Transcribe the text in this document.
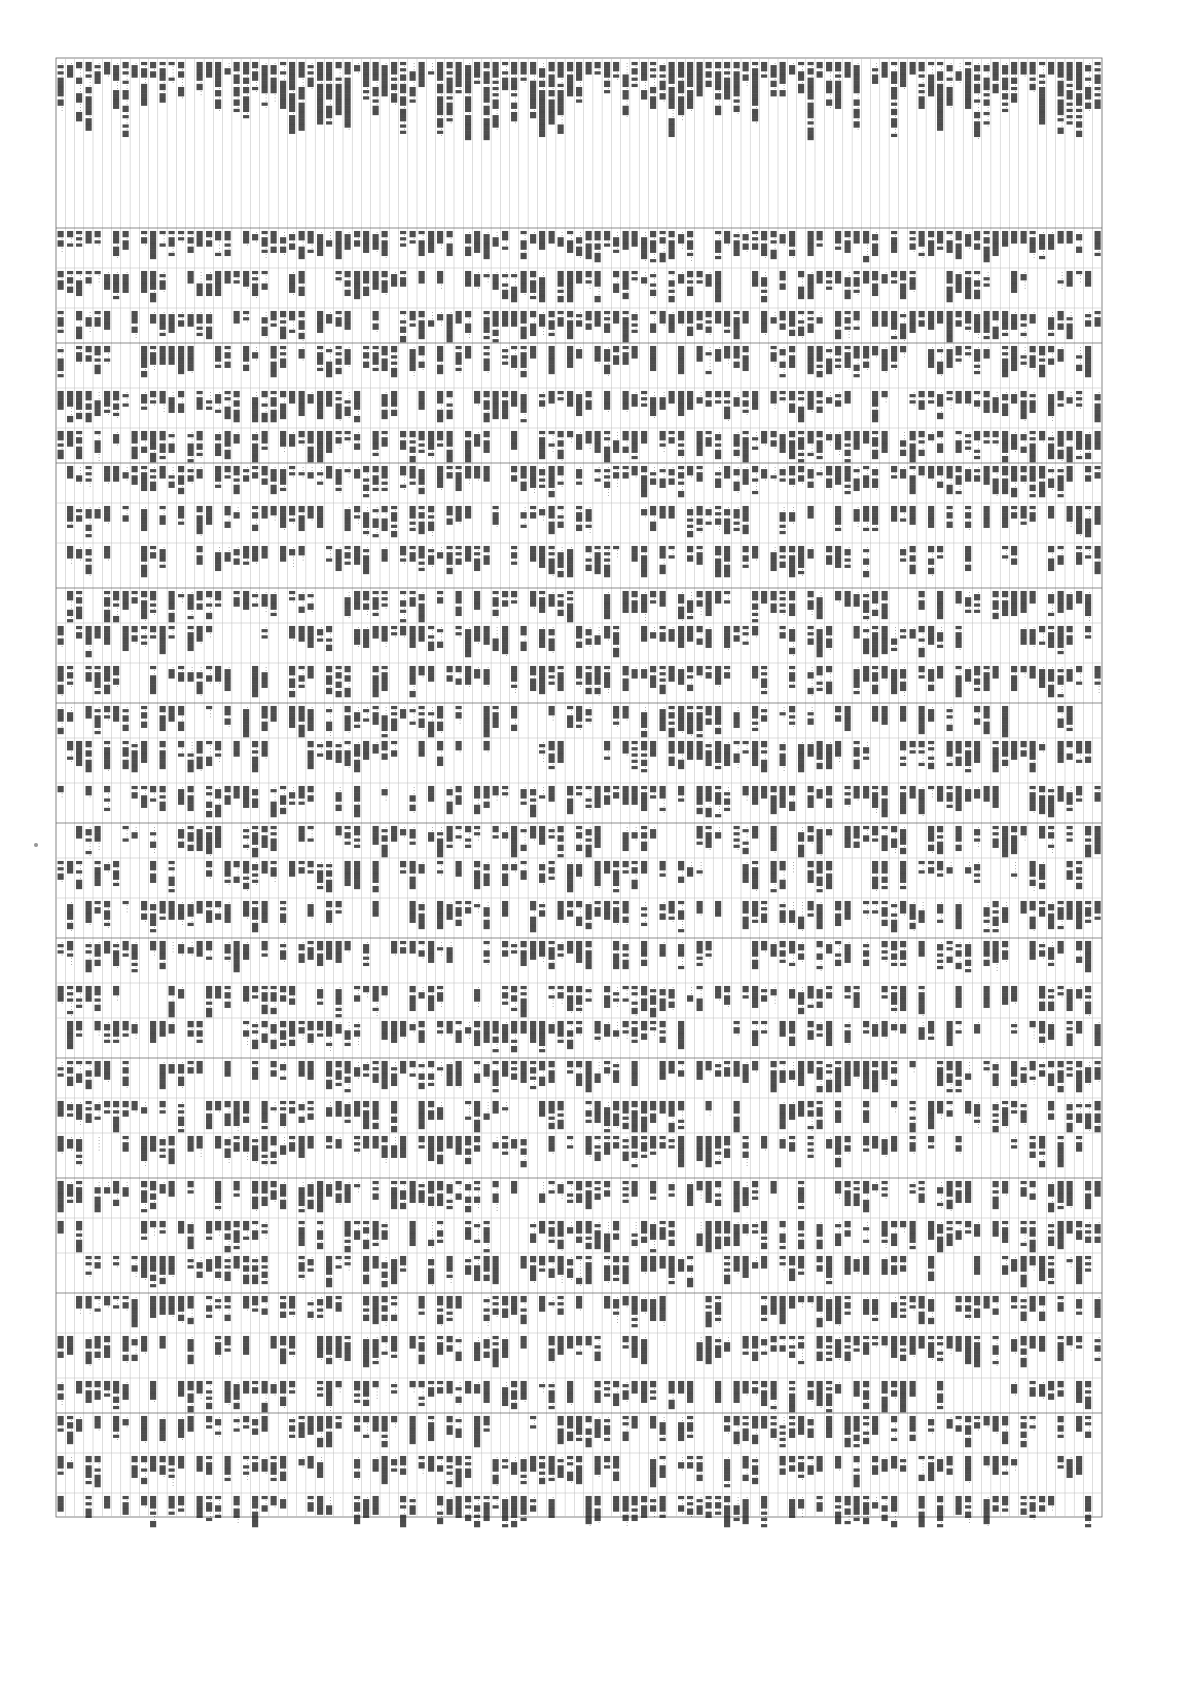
..██.██████.█.█.
..██.██
███.██
█.███.█
█.████..█.
██████
███.█.███
.██.███
.███.█████
██..████.
..██
.██.█.█
.█.█.
.█████
█.█..
.█████
.█████
██████████
████
██.████
..██.██.
█.███
█.████
█████
████.
█..██
██.██.█
██...█████
█████
████
█.█████
..████
█.██...███
.█.██.█
███..
.█..███
████
.██.█████.
...█.███
.█...█.█.█
█████████
███.██.█
█.██.
.███.
█.████.
██████
████.██.█
██..
███...███...██...██
█.█.█
█████..█
████..███
.███.█
██.██████
████.██.█
.██...
██.█.
.███.
████.██.█
██.█
████████
████
███..█..█
█.█..██
█.███
███...█
..█████.
.█.█.████.
█████.█
████.█.███
..████
████
████.
████.██████.██...█.███
████
.██.█
..███..
██.██
███.██.███
..█.█.█
█.██..███.
.███.█.██.
██..██████
███.█
████
████.██.██
.███
.█...█.██.
.███████
████..█.█.
█████
███.██..█
███.█.█
.█..█.█
..████
.████.███.
████.██
█.████.██
███.█.█
████.█.
.█.██
...█
███.█
███.█.███
█████...
...████..█
███.
████
█.█████.█
█.████.█.
...█████
██████.█
██.█
██.████.
██.█.███
..███
█████
█..██.
.....
█████.██..
██.█
█...█
.██.████
███.██
.████
████.█..██
.████
█████.
██████
.█..██
.█.█████
.█████
.█████
.████
████.███.█
██████
███.█████
.█.██
.███████.█
█..█..██
.██.
.█.███.██
████
█.█.██.
.██████
█.██
██..
.███
████.██
█.███
████
██████...█████.
.███.████
█.██████.
.█.██.███
.███.
█████
██...█.███
.██.███
█████
█.███.██
.█████.█.
..███
█.█████
█████.█.██
██..████
.█.█
█..█
█.██.████
.█.█████
██.█..█.██..███..█..█.██
███.██
██████.
█..█.
.██..
██..█
██████
████████
██.██.█.
███.███.█
█...█
...█
█.███
█.███
.███.██.█
██.██
███.█
███..
.██.█
.██.█████
█████.
.██.
████.█
████.
..██.████
████.████
███.██
██.█
.██.██
███████.█.
██.█
██..
█.█.█████.
..███.
.███
..██..█
█████████.
██...██.
████.██
███████..███.█
.██.█
███████
██.███████
█.███.
██..███
██████.█
███████.
████.█████
.██████.██
.█.█..█
██.██.█
███████
████..█
.██.███
██..
..████████
█..████.██
█.████
.███████
.█████
.████████
██..█..██
.███
██.██
█████████
███.██████
███.
..████.█
.█.██
███.██████
███.█.█.
██.█
.█.█.███
█.██
██████..█
█..██
..██..█..
███.███
█.████.██.
..███
███████
█████
██.██.███
...██
█.██.█████
███████
.██████
█████
██..█.████
███.██.████.█
█...█
.███.█.
█.█████.
██████
...████
█.███.███
████
███..█
█.████.
█████████
█████.██
██████.██
███.█.██
█.████
██.██████
█████
████████.
█.██
█.█.██.
███.
█.██
██.██████
██████
████
.███████.
.███.██
.█....█
█..███.█
██████.
██████
█████..
███..█.
██.█...
███.██████
█..█
███.
█████
█.███..█.█
██████
....
█████..███
███.
███.
█████.███
█████
.██████
.██████
...█.█.███
█.████
.███...██.██
.█.█
██.█.
█████████
███..██
██.███.██
█.████
..█.
███.█
███..███
█..██
█████.
██.███.
..█████.
.███.
███.
.███.███.
█.███.█.█.
████
.██.█████
█████
.██████.
████
█.███
██.██.█
████
████.
.████████
█.████..█.
.██.█.
█..█████.
██████.█
███..
████.█....
█████.██
██.███.█
█..████.
.██..
██.██
██.█
█████
█.██
████.███.
█.█.
██...████
███.████.
██.███.███
█████
..██.██████
█████
████....
█.█.███.
████.█
.█.██.███
███.
.██████.██
███.██
██.███
.█████
.████.██..
.████.████
███████.
████
█████
█.██.██
████
...████
██.██..
..████
█████
███████
█████
██.██
████.██.
████.███.
█.█...
██████
██..█..██
..██
.██..█
...█
███....█
██.██..█.█
.███████.█
.██.██
████.██
█..███
███.█.████
█████.███
█.████
████.
█.██..█
██.█.█..█
█.██
████.█
█..███.█
.███.██.████████
█....███
████████
█.█████
█..███.
████.██.
█.█████
██████..
█.███
.█████
..█.███
████..███.
███████
██..██
████
.███
████
.█.███████
..███
.██.████
.█.█.
.████.█
.█..██.
█.██..█
██..
██.█.███
████
██.██.█
████..█.█
███.█████
█.██
██..███
███..
███████.
.██.███
███.██
.█.█████
██████.
.█.███.
██.██.█
█████
████..██
..███.██.
██..██.███
███.█.█.
██..█.██
█.███
.███████
█.██████
█.██.███.███.███
█.██
████
████.██.██
███.
███.█.███
██..
██.██.
███.█
█████
████
██...██
██████████
..████████
███.█
█.███
█.████.██
.████
██.█████.
█..█.
..███.███
█.█████.██.██.████
.████
.█████
.█.█
██.█████
██.█.
█.████
██████
█████████.
███████
.█..█.█.
.██.█.████
.█████
█████.
.█████
...██..█
██.████
...█████
█..███
███.██.██
.████
██████
████
█.██
..█.█..█
.█..███.██
.██.
.████.█.█
.██..
████████..
██████.██.
██.█
██..██.█
.█████
█..█.
██████████
█████.█.██
███.██.
███.████.█
.█.█.██.
███.████.█
█.██
███..█.█.
████.█
.█████.█.
.████.████
███..█
███.██.█.
█.███
██.█
██.██.
███.█
█████.████
.█...█████████.
..█.███.█
██...█
.███.██..
███..█..██
█.████
██.███
████
████
..████.
█.█.
█████..
███.████
.█████
████.██
████
███████
█.███
███.███.█
███..██
█.███████
.█.█.█████
███.████
..█.█.
█.██.█.██
██..██
███...████
█████
.████.
██..█
...█████.███.
██.████
█.███
█████.████
████.███.█
███.████.
..███
█.█████.
█████
█████...█.
████.█.█
..███.█
██..███.█
███..███.
██.██
.█..
█.██..███
.███.██
████
.███.
█.████.█
.███
█████████..█..█
.██.██..
████.█.██
███.█.█
█████..██
..█████
█.█████.
.███████
█████
██.███..█
.███.█.█
.███.█.
██.██
.█.███.██
█..██.
.████.█.█
███...
███.████.
██.██.█
█████.███
.███.████
███.████
███.
██████.██████.█████████
██.██.
.██████.
█...███
████
████.
.█.█
.█.███
....██.
.█.█
.████
██.███.███
███████
█.██..
█████
██.███
██.█████
██.█
███.█
.█.████
.█.████
█.██
█.██.█.
█████████.████...█████
████..███
███.████
.██.███.██
.███.
████████
.█.██
.█..
█████.██
..███
██..██.
█████
█.██..█
████.█████
█.████
█████
██.█
███.██.
..██.█
█████
██..██.
███████
█.██████..
██████.█
.█.███.█
█████.█
.██.
.███.█.█.
█..████
███.
█████.████
██..
.████
.██..█.
███████
████
███████.
██████.██
██.██
█...█
█.██
.████.
████.█
.███.███
██████
██.█.█
████
███.████.
█.██.
.██..█..
██████
████
███.█
█████████████.██████
███████.
███████
█.████.█
█████████
██████████
█..█..
███████
█.██.
█..█.
█.████.█.
████.███
█.███.
█.███
██████████
██.███..█
█.█.██.
.███████
█.█.█
███..█████
█████..
██████
█.████..█████.██████
██...
███.
█████...█.
█████
███████
████
█...█
██.█..██
██.███.██
..███...█.
███.██
████.██.█.
.████.██
██████
..█..█████
███.█████
███..
█.██
████.
███.██████
████
██.██████
..████████
█████.████
███...
██████████.█...██
█████████
.█.█
███.█
██.██.█.█
.█████.█.█
..██.█
.█.█████.
███████.
██.██.██.█
████.█.
██.███..
.███
█.██
███████
█.█.█████.
███.
█.███.██
█████
███.
.███.███
█..█
███.█
.███████
..██
██.█
.████████████████.████
█████.
██.██.██
██████
.█████.
.███.█...
.█.█
..█.
███████.
█.██.█
.██████..
███..██.██
.█████.██
.█████..█
█.██.█
████████
.███
█.███...
█..██.████
█.████.
██████.
██.█.█████
..█.█
██████.█
.██.
██.██
█████████
██..██████
██.██.
███.
..█.██
██████
██████
.█████.
█.███..
████.████.
████.█████
█.█.███
█████████
██..█
...██.█.
.███..
█████
.█.█.█
..█.
███..█
█.█.███
██.██
.██.███.
███.███.█
█.█.████████
███████
███.████
██.██.█
█.██.█..██
.█.█████..
██████.█.
..██.███
██████.
█..█.
██████
█.█.███.
..██
█.██.
██████.██
████
███..██.█
███.█████
██.█.███
█████████.
██.█████
█....██
██████.
███.█.███..██████
.█████.
██████
.██.███
█.████.█
█.██████
█.███.██
█..███..█.
█.████.█
████
███████.██
████.█
███.
██████
██.███████
█████
..█..█████
███.█.█
██.██████
████
██.█.█
█.██████
████
█████████
█.██████.
....██
█████
████.
██████
██████████.
.█████.██
.████.██
████.███
███.████.
███.█
█.█.████
████..██
████.
.█.█.█
..█████
██████.█
█.█████...
██.███
..██.
████.██.█.
.███
██████
█████████
..████.██
███.█.
██.██.██..
..██.██.██
█...██
██.█.█████
█████████
.███.██.█.████
████.
███.█.█.██
██.█████
██.█.███.█
.█.█
████.█.█
██..█
█████
.████
███████
████.█..
██.██.████
████...
███████.█
████████.
██...█.█
█.█████
█.█.
..██
█.██.
█.█.████.███.███.██.█.█
█.█.█
███.█
██.██.█..█
███.██
.█...███
.█.███
█..█.██..█
.███
███.
.██.
█.██
██.█
.█████
████
███████
██.███..█
█.███
██.███
████..█.██
█.███..███...
█.██
█.███
..███████.
██.██.█.██
█.████
█.█.████
███.█
███.█
███████
██..██████
█...█.
.██.██...
█.███.
████.████
███████
████
█████.██
.██.
█..██
███████
████████
████
..██
█████████
███.█.
████████
█████..█
████
██████.██
.██..███
██████
█.█.███
██.█████.
████.██.█
█.█.████
██████.██.
█████
.███
.███.█.█
█████
███.
█████.██.
.██..█
██..
████.██
██.██..█.
█████████
█.██
.████.█.
█.████
███.███.█
█.█...██
..██.█
█...
███████
██...
.█.██████
..███.█.██
.███.█.
███.█..█
█████
█████..█..
█████
███..
███████
█████.██
█.██..██
███.██
████████
.███.████
.██......
.█████.██.
███.█
██████.█
█████
.█.███.██████.███.██████
..████
..████
..██.
███.█████
████..████
█.███
.███████
██..
██.█
██...█.
.███.████
███..███
██████.█..
.█..█
█████████
..█..
..███.█
.█.██
..█..
████..
███.█████
████.███
█.██..█
.███.█.███
████.█
██.█
██..█
██.█..███
.█.████.█.█████.█.██
████..██
█████████.
███.█..██
████.█████
██.█
██.███
██.████.█
██.██
████..██.
█.█████
█████.
█████..
.████
███████.
████
█.█..███.
..█.█████
█.█.████
██.██
.████
███.██
█..█.█.██
█████.
█.████████
████
.█.████.█
██████.█
.█████
██.█.█
███.████
.█.█
██..██
..██.█
.███
███.██
.█..█
█████
██.███.█
████..█
.████████
██████
██...█
████
███...█.
.██..█..
███..█.
██████.███
███████
████████.█████.█████████.
███.███.
█████
..███..██
████
███████.██
..████
████
█████
█████████.
.██████
█.█..██
██.█
..██..
█....█
██.██.███
██.██..██.
████.█
███.█.
████
███.█.█
██..█.██
█.█████
███████
.████.
.████
████.
.████
████.█.█
██████
.█████
███.
███..████
..█.█
██████.██
..█.
..████.
█████.██
███...█
████.█████
██.██
..██..█.█
█....█.
█████..█
██████..
███.
██████████
██.█.██..█
███████.███.█████.████.██
████████.
..█.
█.█████.█
.████.█.█
███.███.██
████.██
█████
███.██
██████
.█████.
██████████
.███
██.████
████.██.
███.███..
.█.██..█
███████
.████.
██....
█..█████.█
██.█████
..██.█..█.
██.███.
███████
█.███
██████.█
.████..███.█.█.█.█████
███..
█████.
█.██.█████
█████████
.████.█
.██.███.█
████....
█████.█
..███
█.██
█..██.████
█.█████..█
████
██..
...███..██
█████████
.██.█.█
██████.█.█
.███.████.
█..█
████.█..█
█..███
███.█..█.
█████
█.█.█.
██████.██
██.██
.█████████
.█.█
.██..
████.██.
█████
██.██
█.██.█
██████.
█████
.█..
█.██.█
███.███
██████.
██████..
█.█.
█.███████.
.███.██..█.████.████
█████...█.
█████
.████..█
█████
██████
██.██
█.██.█
█.██
..█.█████
██..████
██████████
.██.
█.█.
█..██.██
██.█..████
██.█.█
.███.
████
██████
██.███.██
████..
██.███████
.█.████
██.███..█
.███████
████.████
██.█████.█
█..██████.
███.████
█..██..
███..███
█.███.
██....█.
███..█
█████.██
██████.█.█
████
███████
██..██.██.
████
███.█..██
████
.██████
█.█.████.
█.██████
██.█████████..████
███.
█.████.██
████..██
████
..███████
██.█
█████
.█████
████.███
████.█.██.
.████
█████..███
██████
███████
█..█.██.█
███..█.
.█████.██
█..█
█████
██.█.
███████████████.██.███..
██████
████████..
...████.
.██.█.
███████.█
█.█.██.
..██.
███████
█████.█
██████.
█████████
...█.█.
█...
██████
.███.██.
██.█.
..█████
█.████████
███..███
█████
███....
████
█.███
█████
..█.
██.█.██.█
████████.██.████.███
████
█.███.██
█████████
████
..█...█
██.███████
████.████
.█████.█.█
████.
.████.██.
█.█.██
..███
█.███.███
█████
█.█.
█.██.█
██.████.█
...█..█
███.
████.██
██.█.████
.█████
█..█
█.███.█
███..██
.█..
.████.███
█.████.█.
█.██████
██████.
███...████████.█..█████
███..
██.█.█████
███.█
.█.█
.███.██.██
.█..███
██.█..█
██.█████..
██.██.█.
██████.█
███████
█.██.██.██
██████
.█.██.
..██.█
█.█████
███.█.███
..███.
.███.█████
...██████
██.█.█
██████
█████.███
████.█.
███████.███
████..█
██████████
██████.██
███████
█████
..██
█████████.
██████.█.█
████..█
█████.███
█████████.
██.██
████
.█████.██
███.██..█
█.██
█..█
█.█...█
██..
.███.██.
████
.███████
███.████
.███..█.█
█.███..██████
.███.██..
████
██.█.
███.
███████.
█████.
█.███.
██.███.█
██.████
.█.████
.█.█████
.█.█
██..██.█
.████.
███...██
███████
.█.███.██
.██.█
████..██
███.███
██.████
.██......█
.████
█..███
█.██████
██████.██
████
█████.███
..█.██
██.███
███.██
..████
..█.████.
██.█..██
.██.██.
██.████.█
.█.██.
.█.█...█
████.█.██.
██.█████.
██████.██
█..█.
██████████
█.██..█
.██████
██████.██
██.█.████
███████.█
.███
███.██..██
.█████████
█.██
███.██.███
██...█████
█████
.█████
███████
█..█.
███████.█
███...
.██.██████
███████
███████
.████████
███.█
.█.████
███....
███████
███.█..█
██.█.█
██████.█.
███.█..█
████.██
██████.
.██████
.████.███
█.██.█████
█.███
███.█.█
.███.████.
.██████
█████..█.█
...██.█.█.
████.█.█.█
████████.
.████
..█████.█
█..███
███.██
████
██████
████.██
████.
.██.█
█.██████..
████.█
██.██
██████....
.█████..█
████
█.█.█
█.███.█.
█.██
.█.███
█.███..
███..██
████
███.██
████...
...██.█
...█
███.████.█
.█.████
██.█
█.█████.██
.█████.█
█████.███
..█.█..
.██...
████.█.
.████.███
██.█
██.███
█.███.██
...█.███.
████..██
███.████
█████
.███..███.████....
██████
██.██████
████████.█
████.█
.██████
██..███
██.█
███████
████.███
.████
.████
██████
██████..
█.██
.██.████
███.█.██.
█...█
..█.██
██.█.████
███.█.█.
█.█.█.█
██████.██
.███
█.██
.███.█.
███..█.█
..██.█████
█.█.██.█
█████
.█.█
█.█.██.
████
████.
█.███████
.███
█████
████.██
███.
█.█.█.█.█
██████
.██..
███..██.█
.██.█..█.█
█.███.█
████████
███████.██
█..██.████
█████
.██.█....
█.█.██████
███████
████
████
██.█.███
███...██████
.███████..
.██..
█.█.█
████
███████.██
.██.
███████.██
...██████.
█████
███.
██.█████..
█.██.█.███
██████.█
███.██.█
████
█..█.█..
██.█████
████.███
██.███
█████.████
█.███.█
██.████
.█████
.████.
████████.
███████
████.██
████.██...█.█.█
█..████.██
.██.█..█.
███...█
████████
.██████..
██.█..
███..███
█.██
██..
████.██
█████
█.██
███.
███.███.█.
..█.█
███.███
█.████
█.████
█...█████.
█████
███████.
█.█.██
████
█████████.
..██.█.
.██.███.█.██.
███...██.█
.████
████..
..█.███
███..█.
████
███..████
█████
███.█
███.█.█.█
███████.
.█...████
█.███
██.██.
████.
████.██.
██.█.██
██████
████
██.█
████.█
████
..████████
█.████..
████..█
█.█████
██████...███████.███████
██████.██
██.█.██..█
██████.
████
██.█
██.██.
████
█..█
████.
█████
███.█.██.█
███.████
.█.████
.██.███.
████
███..█████
█.█.
█.██.
██.██.██
█.███████
███..████
..██████.████.█████
..███.
███.
.████
█████████
████████
.██.█.███
██..█.██.█
.████.███.
███████
█████.
.████████
███..████
█.███
██..███
█...███..█
█...████.
█████████
██..█
█.█...███
██████████
████.
████
██████..
.██..
.██..█
.██████.████████
..█.███.██
███.█.██
███.████
██████
.███
██.█.█.██.
██.██
█.████...
█████
██..█.██
.███████.█
██████
███..
██...
███████.
███..██..█
███████
█.███.█
██.█
.██.█.█
███████████
█.██
██.███
█████
██..
████████
███.█
.█.██.███
████.█
...██.██
██..██
.███
█.██████.█
██████
██.██████
█.████
.█...
.████
█.█.████
████...█
██████
████████
...███
████....
██████..
██.███.█
███.█.
██.██.██
████.
.██.█.██
█.....█..
██.██
███.█
█..██.
████████
██████.
██.█
██.███
█████.█.
███..█████
.█████.█
.█.███
.███
..███
██████████
███████
██████████
█████.█.██
█████████
██.██.█
███..██.██████.██
█.████..█
██████████
████
████.
█.██
███.█.██.
███.█..
..██.█.█
██████.███
████
.██████
██.██████
█.███████
█...████.█
██..
█████
.████
██.█.
█..█.████
██.█..██
████.████
.█.████.█
████.█.
███████
█.██.█
███████.█.██
.████
█.█████
..████
.████.█.██
████
█████.██.
████.█████
█..█
.███████
██.█
███████.
█.██.█..
.███.██
███.█
███.███
███.████
███.█.█.█
███..
.██.██
█.███████.
███████.██
.██.█.████████.██
█████.█.
███████.█
██.████
███..
.██.████.
.███..██.
█.█.███.
██.██
█████..
..███...█
.█.█.█.█
.██.█
█████
█████.████
██████████
███████.
.█████
███████
.████..███
█.███...
..██.███
.██.██.
████
█████.██
.█.██.██
████████.█
█████.
███.█████
█.██.██
█..█.█
█..█
..███
██.█...█.
██████.
████.████
█.██
██████.
...██.██.█
.██████..
.███.
███████
█.████
.████
████.█.█
██..████
████████.
.████.████████████.█
██.█.█
█████
██████
█..█..
█...█..██
.████
█.█.██.███
.███
.████
█.█.████
████████
██████
████
.███████.█
█.█████
███.█████
███████
█████..█
.███
█.█.██
█.█.
██..
███.████
.██.█
███..████
██.███.█.
█.███
.████.███
██.█.███..
.███████
.████
.███.
████
█.███.█.█
██.█.
████..█.██
████
███.█.█
.███
██.█.
█..█
.████
██.█.████
████
█.███..█
█..██.
█████.██
████
█.█.█.████
██.██.████.
███..█.██
██..
..███.█
..████
.██.██
.█...
██████..
███.███
██████.██
.████████
█..███████
████.
...██.
███████.██
████
██████
██.██
.█..██████
.███.█.█
██..███████
.███.
██.███
██.███
█..██..██.
.█.█
██████.
█.██.
█.█.███..
██.█.██
.█.█.█.█
██.█
.█..
..████.██.
███████
███...███
.████.█.
█.██.██
█████
████..█
████████.
███.
█.███..██
..█.█
█████████
██..█
█.█.█.█...
██.███
███.
.██.█████
██.█████
████.██
███.███
██████.██
.██.███
.███..
███████.██
████.███
.██..████.
█.███.█
.█.█.██
███..███
....
.████...
█...████
███.
███.████
.███...
█████.
███.█
████.███
████
██.█..█
██████.█.█
███.█.█
██.██
██████.
███.███..█
████...██
.███.█..█
█████..█.█
█.█.████.█
.██.██
.█.███████
█████████.
████.███..
.████.....
.██.██.
██.████..
████████
█████
█.█████.█
███.█.███
█.████
..██
█....██.█
██████
.█.███.█
...███.
████.█.█████.███████.██.█
████████
████████.
███.█.█
█████████
.██████
█...████
██.███.
████
███.
..███.██
██.█.█
.██...██..
██.█..
████.
████.██
.██.██
████.██
█.███
█..████
███.██
████
.█...██.██
█.█.█.█
..██
.███.██
███.██.
███..█
██.██
█.███
████
██..
██.█.█████
██.█.██
█.████.██
.█..
███████..
█████████.
█.█..███
██.██████
███.
.████████.
█.███.████
████████.
.█..██..██
██.███.
█.██.
██..████.█
███.███.█
███.████.
██.██
███..█████
███.████
.████████
█████
███.█
.██..████...███
█.█.██
█████..█.
██..
..██.
.███.███
███.██
.███.███
████...██
████████.
███.███
.██.
█████.███
███.
██.█
████████
████..█.█.
███.
█.███████
███████.
█.█.█.██
█.████.█.█
███████
█████████.█.███
█.████
████
███.█████
.█.█.███
██.█.
..█████.
██████
█.██████
███████
.███
██.██
..█████
████.███
██.█...█
████████.█
████.██
███.██████
..████
████..█.
.█████████
.██████.
███.
.████
████.█.██
█████
████.██
███.███..
...█.██.█
.█████.█
████
█.██.█.███
█.█.█████
█.█.██.
█████
████████
.██.█.█
███████
██████
██████.
█.██
.████.█.
████████
.██.██
█████.██
██.██
██████
█.██.█
.███.█.██
███.██████
█..██.███
.██.███.██..█████████.
████
.█.███.█
█..███
█.██..████
██████
████..█.
..████.
████.
████
█.██████.
███.███.█
.████
██.████
█████.█
.█████
████.█.█
.████.
█.███
█████
█.██.█████
████.█..██
█.██████
██....████
████
.██.████
████
████..█
█..█████
██..██..█.
.█.████.█.
█████..█.
█████
█.██..
████
██..█
..█..█
██.██.█.
█.██
█████████
████.██
█.███
████..████
█...█..
██████
█████.
████.█
██.███.██
██.█..█.█
██.████.█
███.█..
████.██.
████.███
█████
.███
████.█████
███.███.█
.███.██.
█.██████
██..████
████████.█
███.███.█
█████
..█████.█
█.███
.████.████
█..█
████.
███████.██
████
.██.
█.█████.
.█.█
██████
███.██
██..
█████
███.
█████
.███████.
..██
███████
█████.███
█████████
.████
██████
██████.███
█████..█
█.██.████
██.███.█
.█.█.██
█.██
.█████
..██████
.█████.
.█.█.█
..█.█████
█████.
.███
█████.████
████.
██.██..█
█..███.██.█.████.████..█
█████.█
█.██
█..██████
.█.█████
█.██
█████
█.██....
████████.
..███..██
████.█..█.
█.██.███
.█.████.█
.██.
██..██.█
..██
█████
████..██
███.██
█████..
███████
.██.██
█..█..██
.████
██...█████
.████████
█████.███
.█████..█.
..██
██.██...
███.
█..██
█.██.
█.█.
..███.███.
█████
█.█..███
███████.█
██.█████.
█.███████
.████
█.███.██
████████
███.
..██
██.██
█.█.█.█
██.█.███
██████████
██.█.
████
.██.█.█
.████.█
███████
.█.█.
██████.███
██████..█
██████
███.██.██
███.
█.██
████
.██.█████.
..██
███.█..█.█
.███.█
█.█.
█.███████
.█.██
.██████
█████
██.█████
████.█.█..█.███
.█..█████
██.██
███.██
██..█.██
.███
███.██
███..█..██
█.██
█████████
█...█.██
.████████.
█..█
████...
█████
.███████.█
████..
███.█.█
████.████
████
██.....█
█████.████
███████...█
█████.██
██████
██████.
█.██
.██.
.████
███████
.██.██..██
██████
██.████.
████.
██.█..█.█
...█
.██.█████
██.█
█.████
█████████
█.██
██████
███.████
██..████.
.█████.█
.█.██.
██████.█
███████████████.███..█
█.████
████
.████...█.
██..████.
███..██
██..███
█.██
█████████
█.███..
████
█████
████.█.██
█.███
█..███.
█.█.█.██.
██████.█
..████
.█...██..
█████.███.
.█.█..█.█
█.███.███
████.
█.█████.██
.██████..█..██.
████..█
█████.████
██████████
██████.
...█.█
███..████
██.██.█
██..█.█.
█..█████
█.███.█
██..
██..█.█
████████
█..███.███
██..█
.███.█████
████.█.█
..████
███.
██.███
.███...
█████.███
██████.
██.██
.█.███
████
████..█
█..███.██
.████
.█████.█
███████..█
███.████
████████
██.█████
████████.
██..██.█.
███████
█..█
█.██.█████
.██.██
████.██
███..█
██.██
█████
██..█
██████
█████████████.█
.████.
███████.█
.█.████
.█.█
.████
.█.█.█.
████.
.██.██.█
██.█████
█.███..
.████.
█.█████.██
████.
██..
█.██.████.
██....
.████
███████
█.██
.█.██.██
█████████
███.███.██
.████████
..██.█.██
.█████.██...█..███.██.██.
██.███
███.██..█
..██████.
█.█.████.
.██..█
█.█...███
██.█.
█.█.██.
█.██.███
██..██
███████
███.
..█.██.
█.█.██.
███.
..█.████.
████.
██████
███.███
████████.█
.██.█
.█..█..██.█.████..██.
█████.██.█
█.█..
█.███████
███.
████.██
█.██
██████
███████
██████.█
████.████
█████
█..█.███..
██.█████
███████
.█.█
████
.███
.███
.████████.
███.██████
████████
████..███
█████..
.█.██
.█████..██
██.███.██
████
████████.█
███████
███.█.█
█.███.█.██
...███████
.████.██.
██.█.█.██.
████.█.██
█████
██..██
.█..███..█
.█████
██████
██.██
█.█.██.████.███.
█████
█.██████
██████.█.█
████.██.
██.███████
█████.███
███████
.█..█
█████.██
██████████
.██.█████
██████████
█████..
.███.██
██████
.██████.█
.████
█████.█
███..█
████..███
█..███
█.███
███.█.██.████
████
███████
█████.
████████
███.
.█████.
███..█████
██.█
██.███
████████
█████.██
██████
██████.██
.█....
.█████
█.█.
.██.█████
█.██
█.█.
████.
█.██
.████.
.███.
..██.
.████
████
...██.
.█..█.██.
.█.█...
.██████.██
██..██.
.██.██
█.████
███████
█████.
..██
██.██
..███
████
.███.█..
.████.█.
███.█
█...██.█
████.█████
.███.█.█.
███.██.███
██.██.██.█
██.█.█
.██.█.████
..█████.█
███.
.████.██
████.█.
██████.█.█
█.██.█████
███.█
████
.█████.
████
███.██████
.██████.█
..██.█████
.████..███
██████
....██
..█..███
██.██.█
██..██
████.███.█
..███
█████
████
███.█
.█..█
.█.███.█
████████████.█.█...█
█..█████.
████.█.███
.███
█████.████
█...██
██████.
.██.
██████.██
████
██.█████.
███.█
.██.█.
███.████
..██.████
██.█.
██..█.████
████████
███..███
█████
.████.
██.██
████
█████.
█.████..
██..██
..███████.
█████.█..
.███..█.
████
████..██
█...███.
█████.█
████.████.
███████.█.
..█..██.█
█████.██.
█.████..
███.█.█.
█████.
████..██
██.███
███..████.
███.█.█.
█.███.█.█
██.███
..███
██..█.█████.█████.█████
████
..█...
██.███
████.
█.███
.███.█████
█.█████.█.
███..█
███████
█.███████
█...███.█.
███..██
███████
█████
█..████.█
████
.█.█
██.████.██
████████.█
█.███████
█████████
███.█
.██████.█
██.██
█.██.██
█.██
█.█.█.█.███.█.██████
████
█████
█████.█..
██..
█████..███
█████
..█████
█████.
███.██
████.
█.██████
██..██
█.████..
█.█.█
███.██
██████
███████.
████.█.█
█.█.█
███.██.██.
.████████
████
..█.
..███
██████.
██.██.█.█.████.█████████
██..██.
...█
██..█...
.█.█.█
█..██████
.█████████
████.█
████
█...██
█..████
█.███
██.█.██.█
█████████
██..███
.███.
████
███████.██
███..█.
███.█
███.██
█████████
█.███.
█.██
███████
█████
██████
.██.████..█..██.
█████
██.█.
██████████
██.█████.
██.██
██████...█
█..█
..███████.
█.██
██.████
████.█.███
█.███.█
██████████
.████.█.██
.█████..
.█████..█.
█████.███
██.█.█.
█.█.█
████.█.██
██..█.█
█.██.█████
███.█.█.███.█.█
█.██████
███.█
██████.██.
██████
██.█
██████
████.████
...█.████
███.█
█████████
█.████
███████.
.████.█
██.███.███
█████
██.███.
██████.
█..██.█.
